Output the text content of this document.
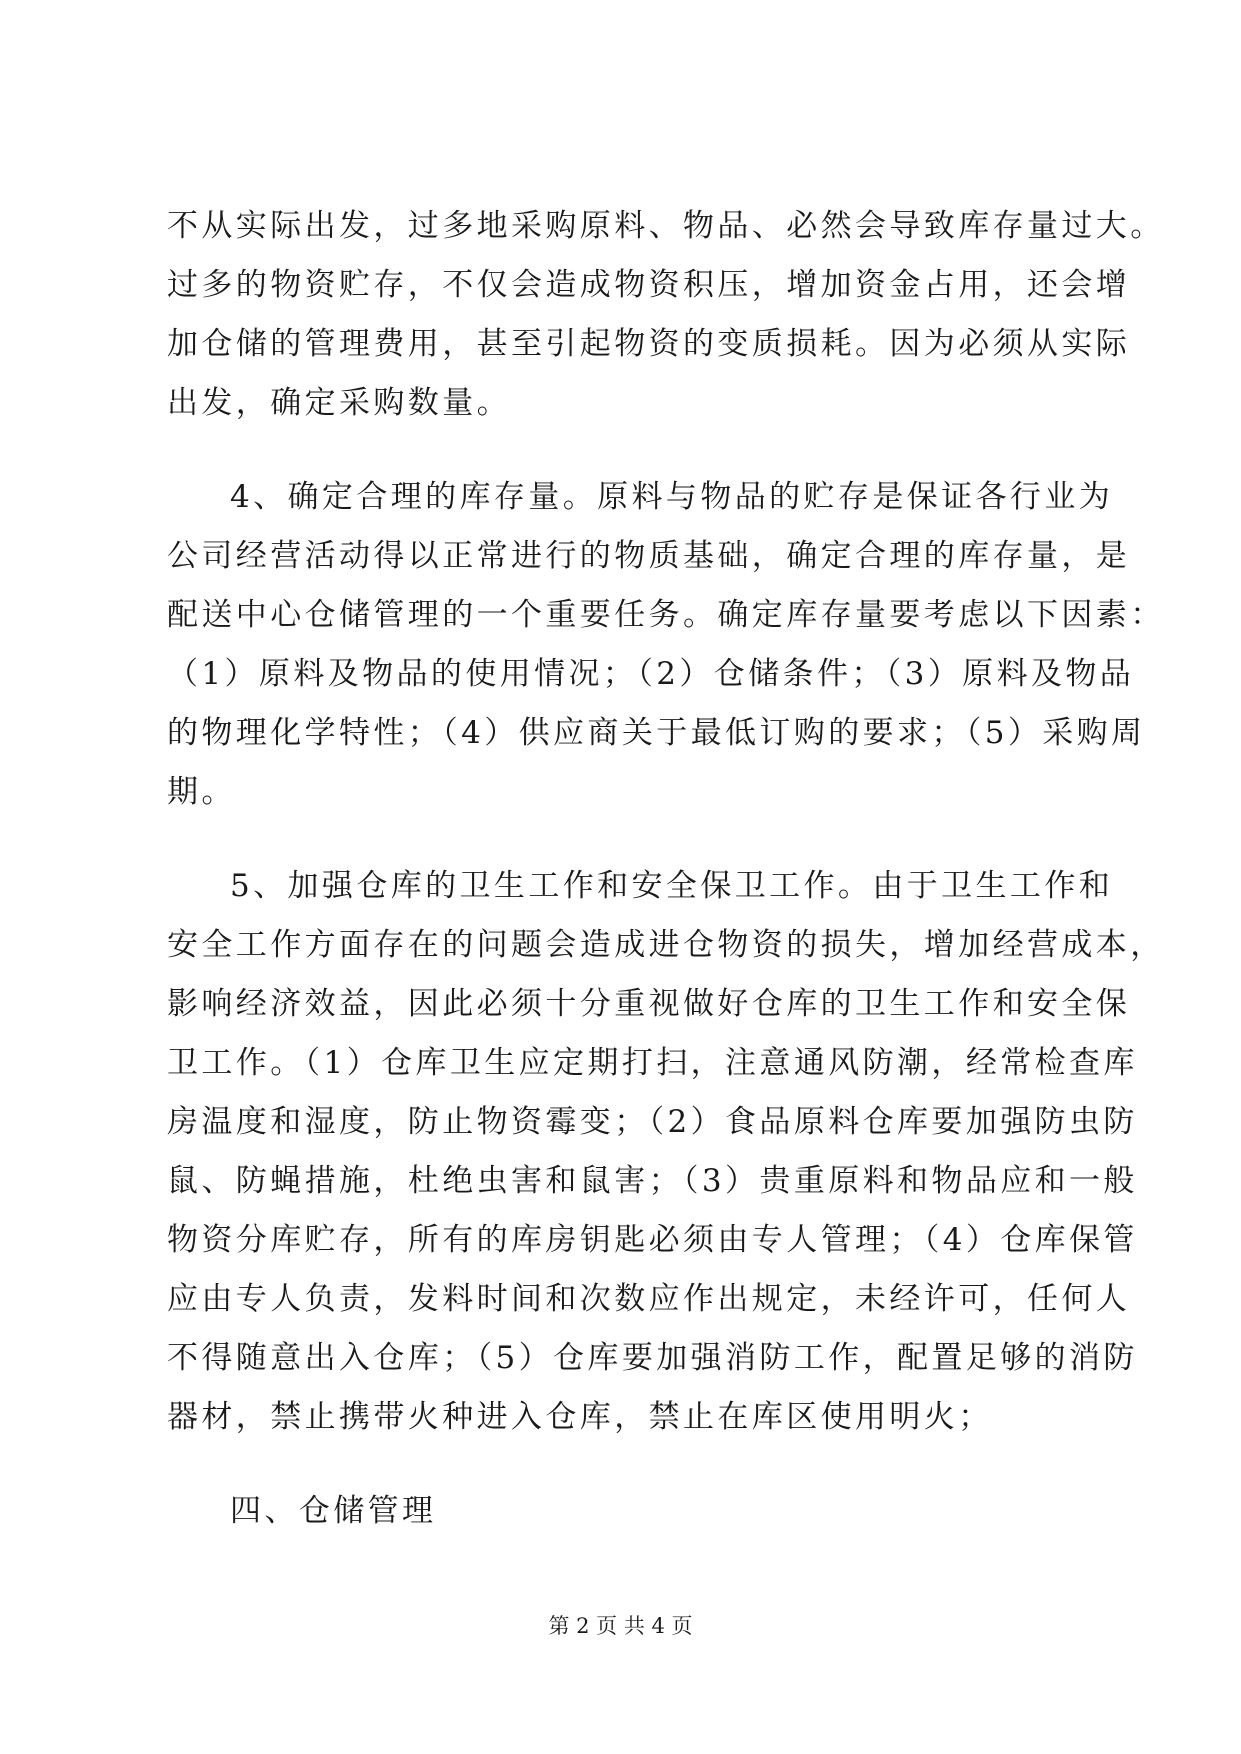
不从实际出发，过多地采购原料、物品、必然会导致库存量过大。
过多的物资贮存，不仅会造成物资积压，增加资金占用，还会增
加仓储的管理费用，甚至引起物资的变质损耗。因为必须从实际
出发，确定采购数量。
4、确定合理的库存量。原料与物品的贮存是保证各行业为
公司经营活动得以正常进行的物质基础，确定合理的库存量，是
配送中心仓储管理的一个重要任务。确定库存量要考虑以下因素：
（1）原料及物品的使用情况；（2）仓储条件；（3）原料及物品
的物理化学特性；（4）供应商关于最低订购的要求；（5）采购周
期。
5、加强仓库的卫生工作和安全保卫工作。由于卫生工作和
安全工作方面存在的问题会造成进仓物资的损失，增加经营成本，
影响经济效益，因此必须十分重视做好仓库的卫生工作和安全保
卫工作。（1）仓库卫生应定期打扫，注意通风防潮，经常检查库
房温度和湿度，防止物资霉变；（2）食品原料仓库要加强防虫防
鼠、防蝇措施，杜绝虫害和鼠害；（3）贵重原料和物品应和一般
物资分库贮存，所有的库房钥匙必须由专人管理；（4）仓库保管
应由专人负责，发料时间和次数应作出规定，未经许可，任何人
不得随意出入仓库；（5）仓库要加强消防工作，配置足够的消防
器材，禁止携带火种进入仓库，禁止在库区使用明火；
四、仓储管理
第 2 页 共 4 页
